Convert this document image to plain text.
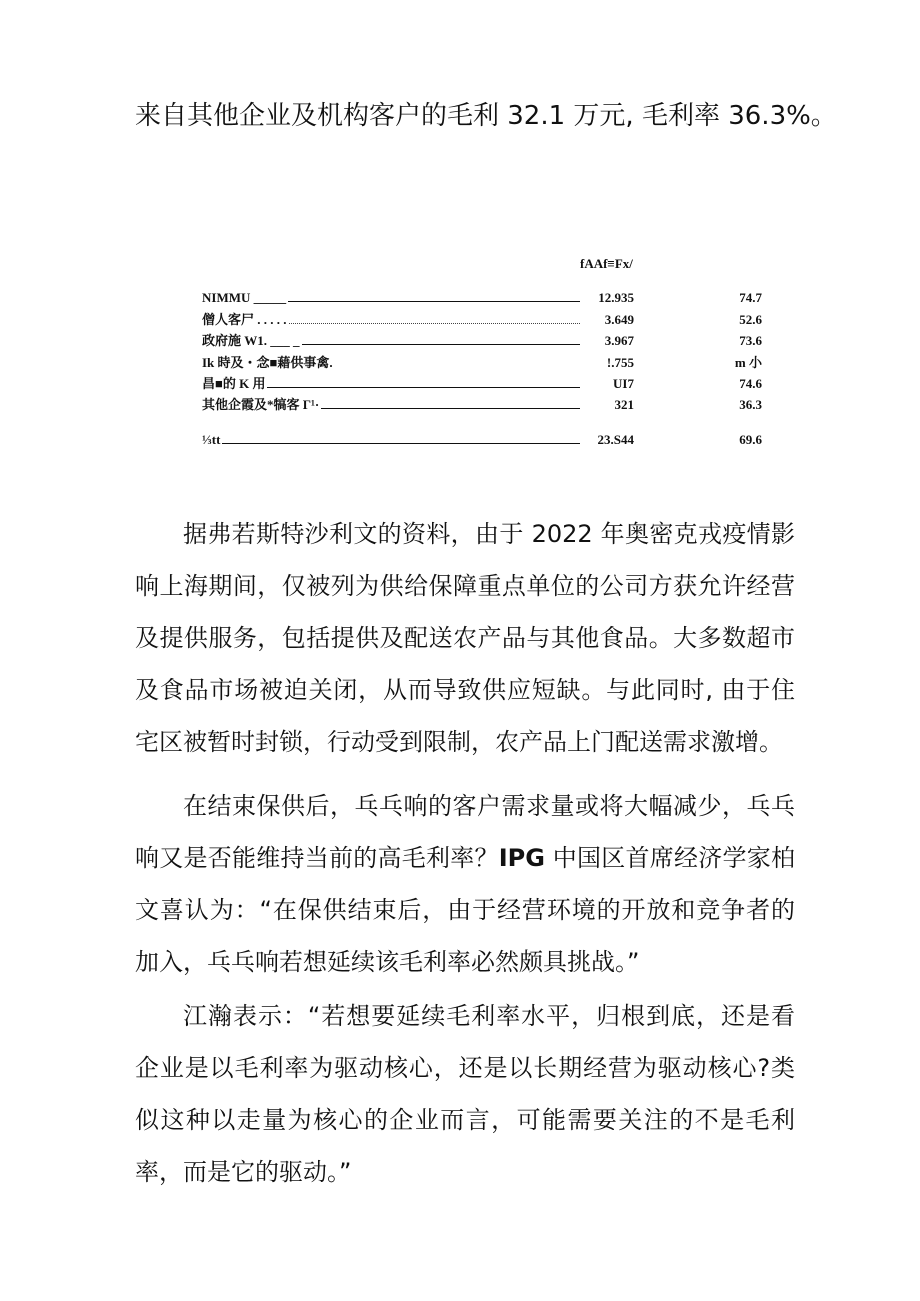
来自其他企业及机构客户的毛利 32.1 万元, 毛利率 36.3%。
fAAf≡Fx/
NIMMU _____	12.935	74.7
僧人客尸 . . . . .	3.649	52.6
政府施 W1. ___ _	3.967	73.6
Ik 時及・念■藉供事禽.	!.755	m 小
昌■的 K 用	UI7	74.6
其他企霞及*犒客 Γ¹·	321	36.3
⅓tt	23.S44	69.6

据弗若斯特沙利文的资料，由于 2022 年奥密克戎疫情影响上海期间，仅被列为供给保障重点单位的公司方获允许经营及提供服务，包括提供及配送农产品与其他食品。大多数超市及食品市场被迫关闭，从而导致供应短缺。与此同时, 由于住宅区被暂时封锁，行动受到限制，农产品上门配送需求激增。

在结束保供后，乓乓响的客户需求量或将大幅减少，乓乓响又是否能维持当前的高毛利率？IPG 中国区首席经济学家柏文喜认为：“在保供结束后，由于经营环境的开放和竞争者的加入，乓乓响若想延续该毛利率必然颇具挑战。”

江瀚表示：“若想要延续毛利率水平，归根到底，还是看企业是以毛利率为驱动核心，还是以长期经营为驱动核心?类似这种以走量为核心的企业而言，可能需要关注的不是毛利率，而是它的驱动。”
